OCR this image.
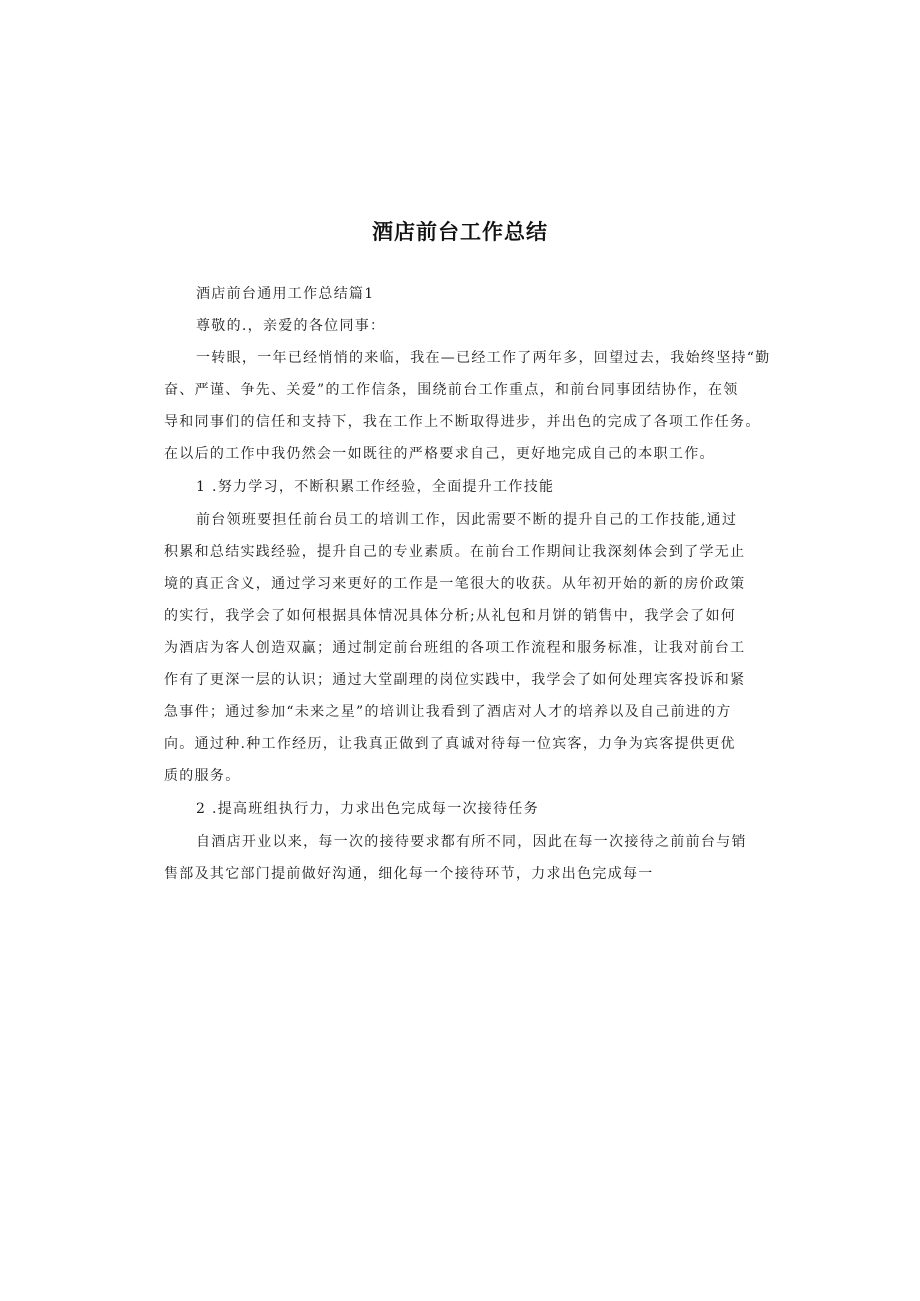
酒店前台工作总结
酒店前台通用工作总结篇1
尊敬的.，亲爱的各位同事：
一转眼，一年已经悄悄的来临，我在—已经工作了两年多，回望过去，我始终坚持“勤
奋、严谨、争先、关爱”的工作信条，围绕前台工作重点，和前台同事团结协作，在领
导和同事们的信任和支持下，我在工作上不断取得进步，并出色的完成了各项工作任务。
在以后的工作中我仍然会一如既往的严格要求自己，更好地完成自己的本职工作。
1 .努力学习，不断积累工作经验，全面提升工作技能
前台领班要担任前台员工的培训工作，因此需要不断的提升自己的工作技能,通过
积累和总结实践经验，提升自己的专业素质。在前台工作期间让我深刻体会到了学无止
境的真正含义，通过学习来更好的工作是一笔很大的收获。从年初开始的新的房价政策
的实行，我学会了如何根据具体情况具体分析;从礼包和月饼的销售中，我学会了如何
为酒店为客人创造双赢；通过制定前台班组的各项工作流程和服务标准，让我对前台工
作有了更深一层的认识；通过大堂副理的岗位实践中，我学会了如何处理宾客投诉和紧
急事件；通过参加“未来之星”的培训让我看到了酒店对人才的培养以及自己前进的方
向。通过种.种工作经历，让我真正做到了真诚对待每一位宾客，力争为宾客提供更优
质的服务。
2 .提高班组执行力，力求出色完成每一次接待任务
自酒店开业以来，每一次的接待要求都有所不同，因此在每一次接待之前前台与销
售部及其它部门提前做好沟通，细化每一个接待环节，力求出色完成每一
